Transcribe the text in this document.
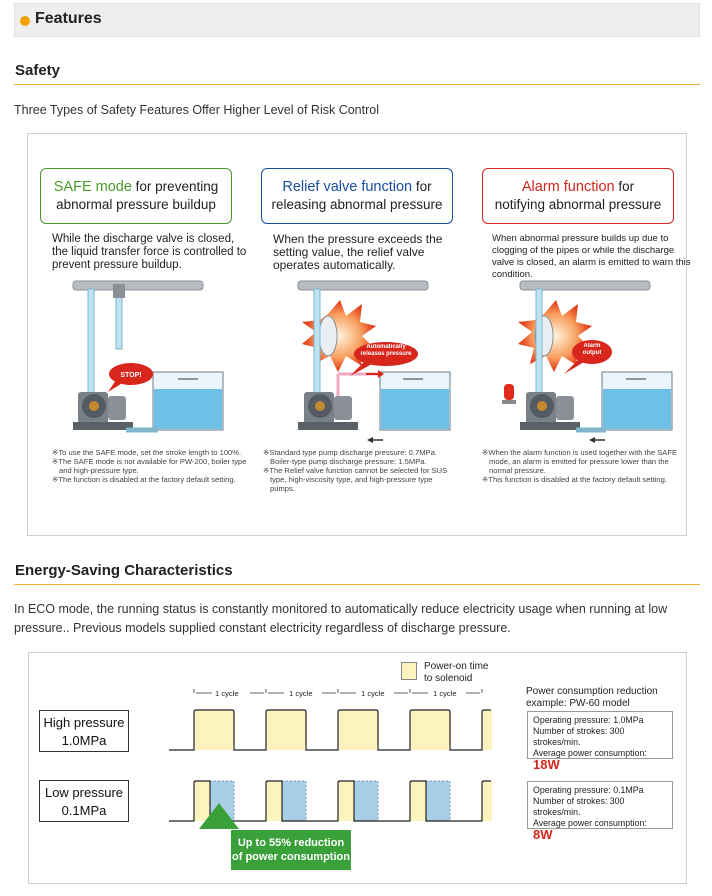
Features
Safety
Three Types of Safety Features Offer Higher Level of Risk Control
STOP!
Automatically releases pressure
Alarm output
SAFE mode for preventing
abnormal pressure buildup
Relief valve function for
releasing abnormal pressure
Alarm function for
notifying abnormal pressure
While the discharge valve is closed, the liquid transfer force is controlled to prevent pressure buildup.
When the pressure exceeds the setting value, the relief valve operates automatically.
When abnormal pressure builds up due to clogging of the pipes or while the discharge valve is closed, an alarm is emitted to warn this condition.
※To use the SAFE mode, set the stroke length to 100%.
※The SAFE mode is not available for PW-200, boiler type and high-pressure type.
※The function is disabled at the factory default setting.
※Standard type pump discharge pressure: 0.7MPa. Boiler-type pump discharge pressure: 1.5MPa.
※The Relief valve function cannot be selected for SUS type, high-viscosity type, and high-pressure type pumps.
※When the alarm function is used together with the SAFE mode, an alarm is emitted for pressure lower than the normal pressure.
※This function is disabled at the factory default setting.
Energy-Saving Characteristics
In ECO mode, the running status is constantly monitored to automatically reduce electricity usage when running at low pressure.. Previous models supplied constant electricity regardless of discharge pressure.
Power-on time
to solenoid
High pressure
1.0MPa
Low pressure
0.1MPa
1 cycle	1 cycle	1 cycle	1 cycle
Up to 55% reduction
of power consumption
Power consumption reduction
example: PW-60 model
Operating pressure: 1.0MPa
Number of strokes: 300 strokes/min.
Average power consumption: 18W
Operating pressure: 0.1MPa
Number of strokes: 300 strokes/min.
Average power consumption: 8W
